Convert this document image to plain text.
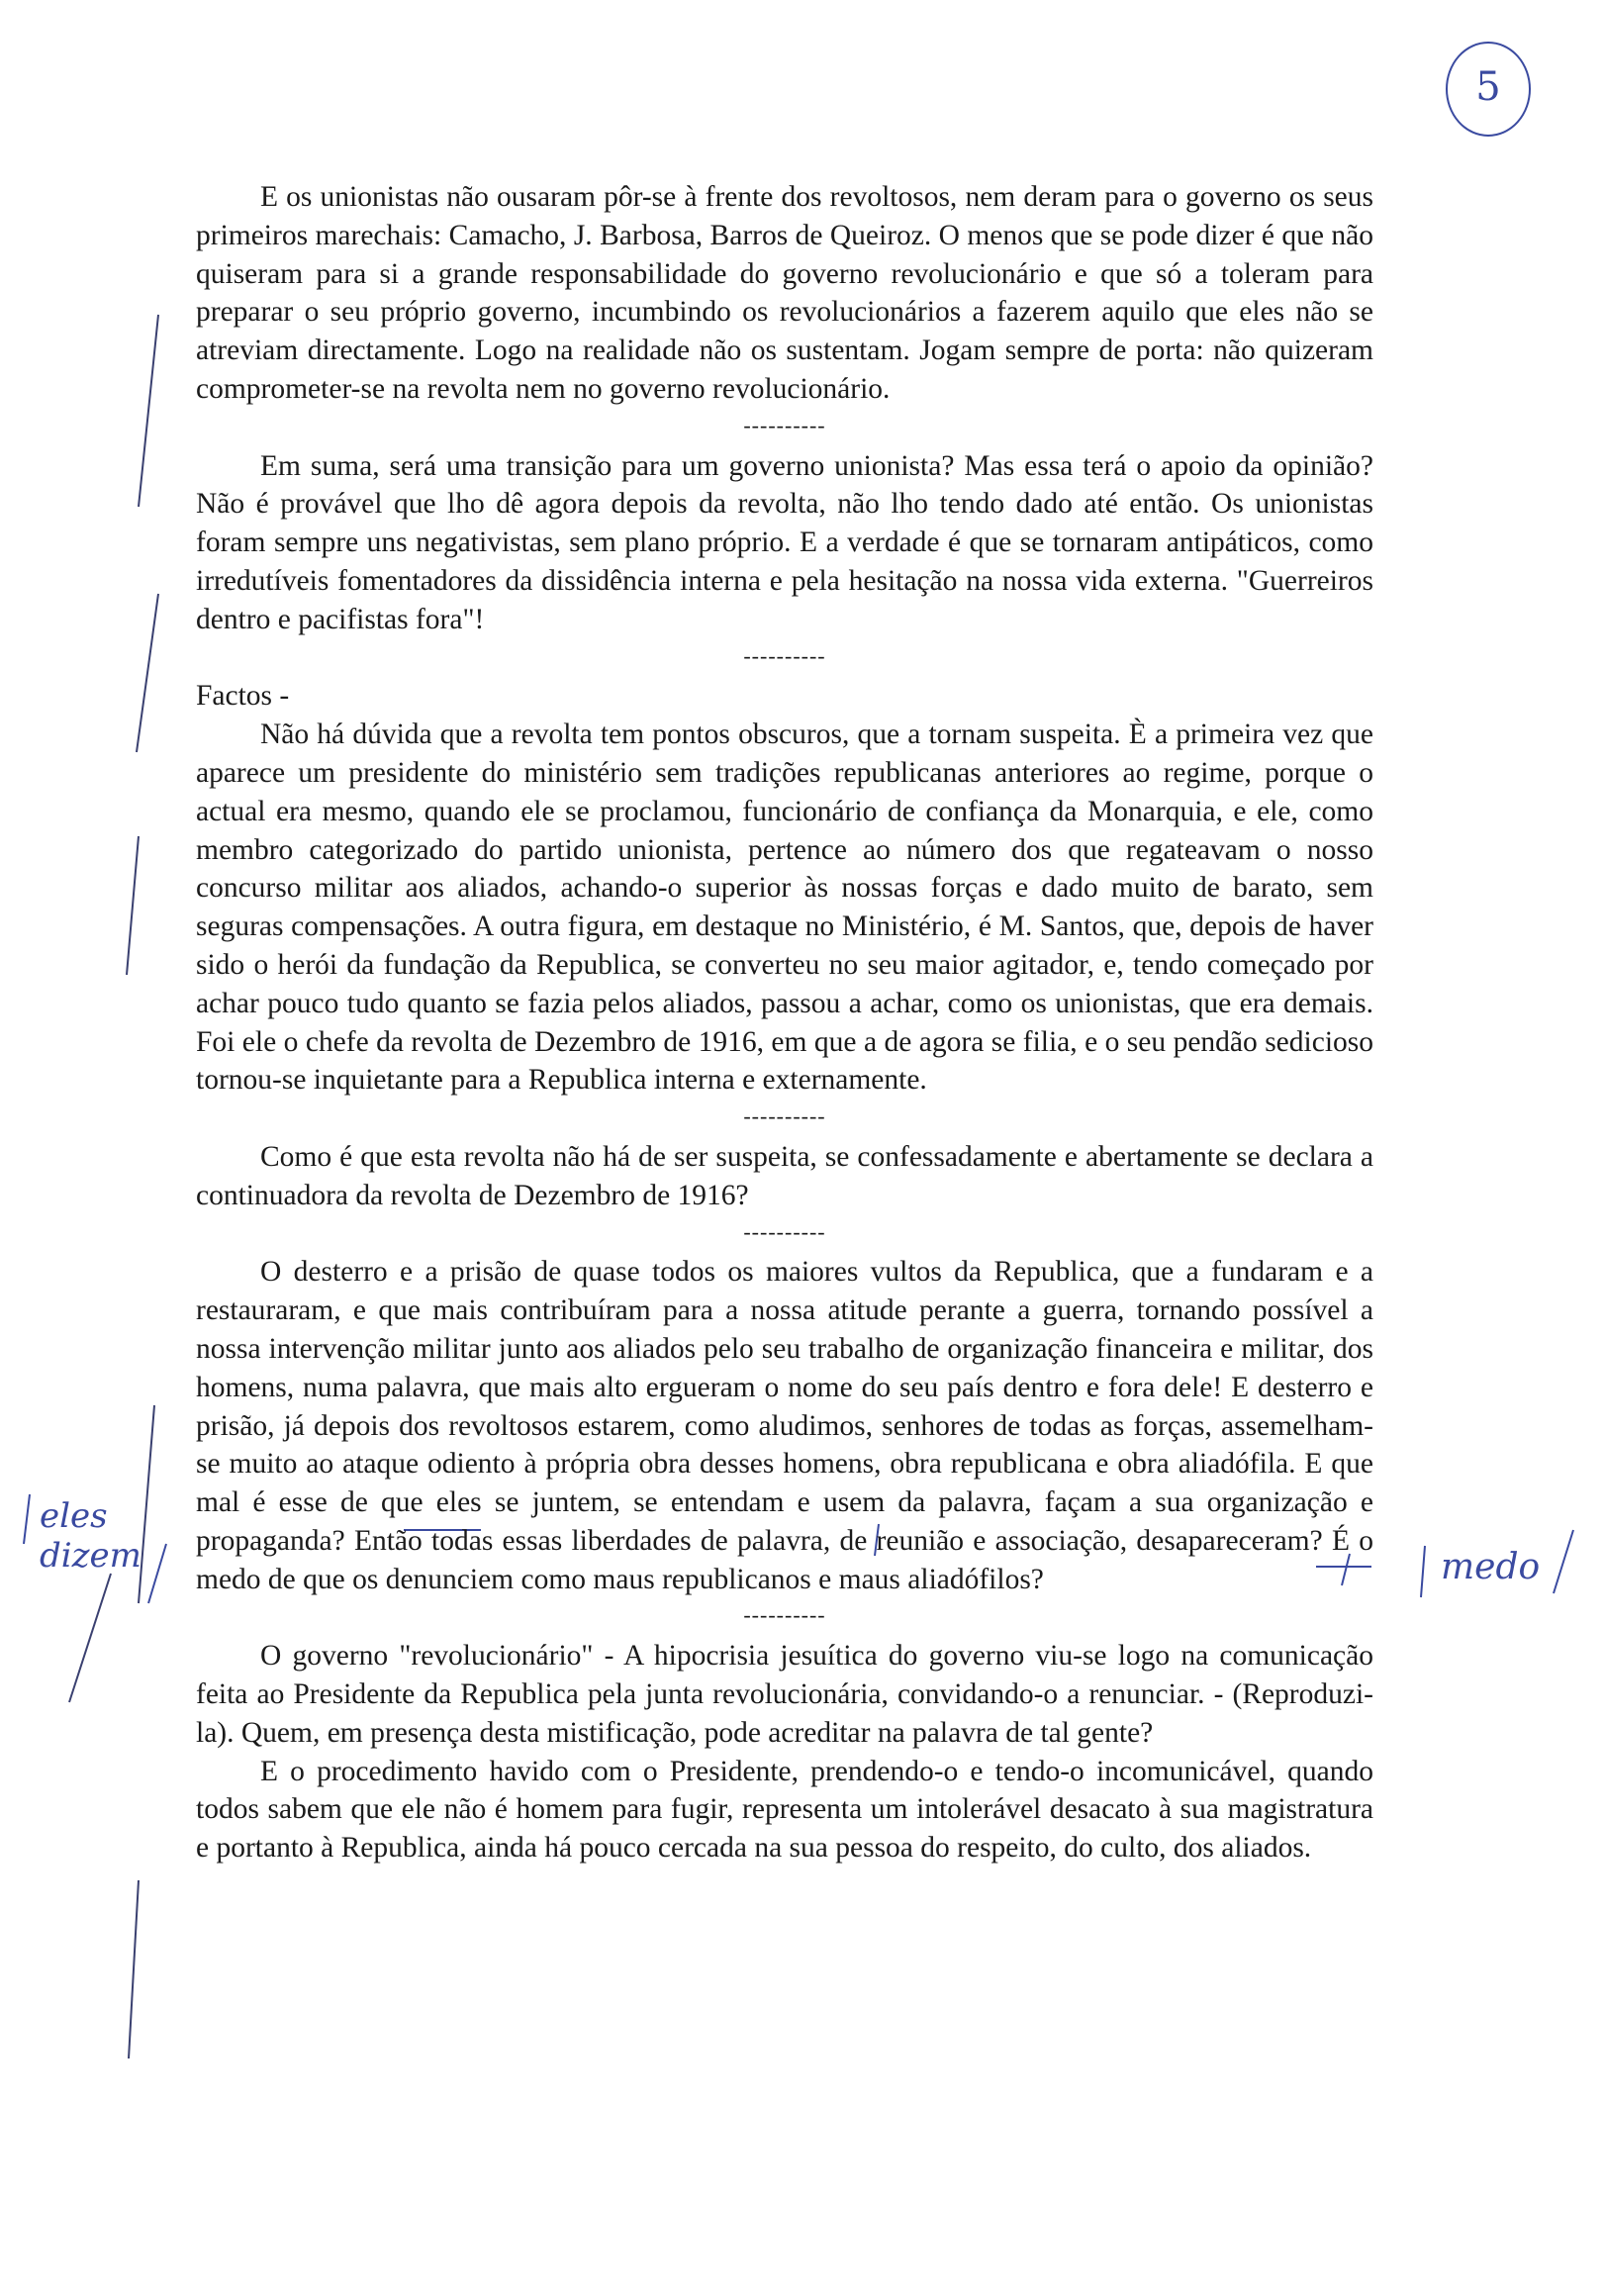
5
eles
dizem	medo

E os unionistas não ousaram pôr-se à frente dos revoltosos, nem deram para o governo os seus primeiros marechais: Camacho, J. Barbosa, Barros de Queiroz. O menos que se pode dizer é que não quiseram para si a grande responsabilidade do governo revolucionário e que só a toleram para preparar o seu próprio governo, incumbindo os revolucionários a fazerem aquilo que eles não se atreviam directamente. Logo na realidade não os sustentam. Jogam sempre de porta: não quizeram comprometer-se na revolta nem no governo revolucionário.

----------

Em suma, será uma transição para um governo unionista? Mas essa terá o apoio da opinião? Não é provável que lho dê agora depois da revolta, não lho tendo dado até então. Os unionistas foram sempre uns negativistas, sem plano próprio. E a verdade é que se tornaram antipáticos, como irredutíveis fomentadores da dissidência interna e pela hesitação na nossa vida externa. "Guerreiros dentro e pacifistas fora"!

----------

Factos -

Não há dúvida que a revolta tem pontos obscuros, que a tornam suspeita. È a primeira vez que aparece um presidente do ministério sem tradições republicanas anteriores ao regime, porque o actual era mesmo, quando ele se proclamou, funcionário de confiança da Monarquia, e ele, como membro categorizado do partido unionista, pertence ao número dos que regateavam o nosso concurso militar aos aliados, achando-o superior às nossas forças e dado muito de barato, sem seguras compensações. A outra figura, em destaque no Ministério, é M. Santos, que, depois de haver sido o herói da fundação da Republica, se converteu no seu maior agitador, e, tendo começado por achar pouco tudo quanto se fazia pelos aliados, passou a achar, como os unionistas, que era demais. Foi ele o chefe da revolta de Dezembro de 1916, em que a de agora se filia, e o seu pendão sedicioso tornou-se inquietante para a Republica interna e externamente.

----------

Como é que esta revolta não há de ser suspeita, se confessadamente e abertamente se declara a continuadora da revolta de Dezembro de 1916?

----------

O desterro e a prisão de quase todos os maiores vultos da Republica, que a fundaram e a restauraram, e que mais contribuíram para a nossa atitude perante a guerra, tornando possível a nossa intervenção militar junto aos aliados pelo seu trabalho de organização financeira e militar, dos homens, numa palavra, que mais alto ergueram o nome do seu país dentro e fora dele! E desterro e prisão, já depois dos revoltosos estarem, como aludimos, senhores de todas as forças, assemelham-se muito ao ataque odiento à própria obra desses homens, obra republicana e obra aliadófila. E que mal é esse de que eles se juntem, se entendam e usem da palavra, façam a sua organização e propaganda? Então todas essas liberdades de palavra, de reunião e associação, desapareceram? É o medo de que os denunciem como maus republicanos e maus aliadófilos?

----------

O governo "revolucionário" - A hipocrisia jesuítica do governo viu-se logo na comunicação feita ao Presidente da Republica pela junta revolucionária, convidando-o a renunciar. - (Reproduzi-la). Quem, em presença desta mistificação, pode acreditar na palavra de tal gente?

E o procedimento havido com o Presidente, prendendo-o e tendo-o incomunicável, quando todos sabem que ele não é homem para fugir, representa um intolerável desacato à sua magistratura e portanto à Republica, ainda há pouco cercada na sua pessoa do respeito, do culto, dos aliados.
